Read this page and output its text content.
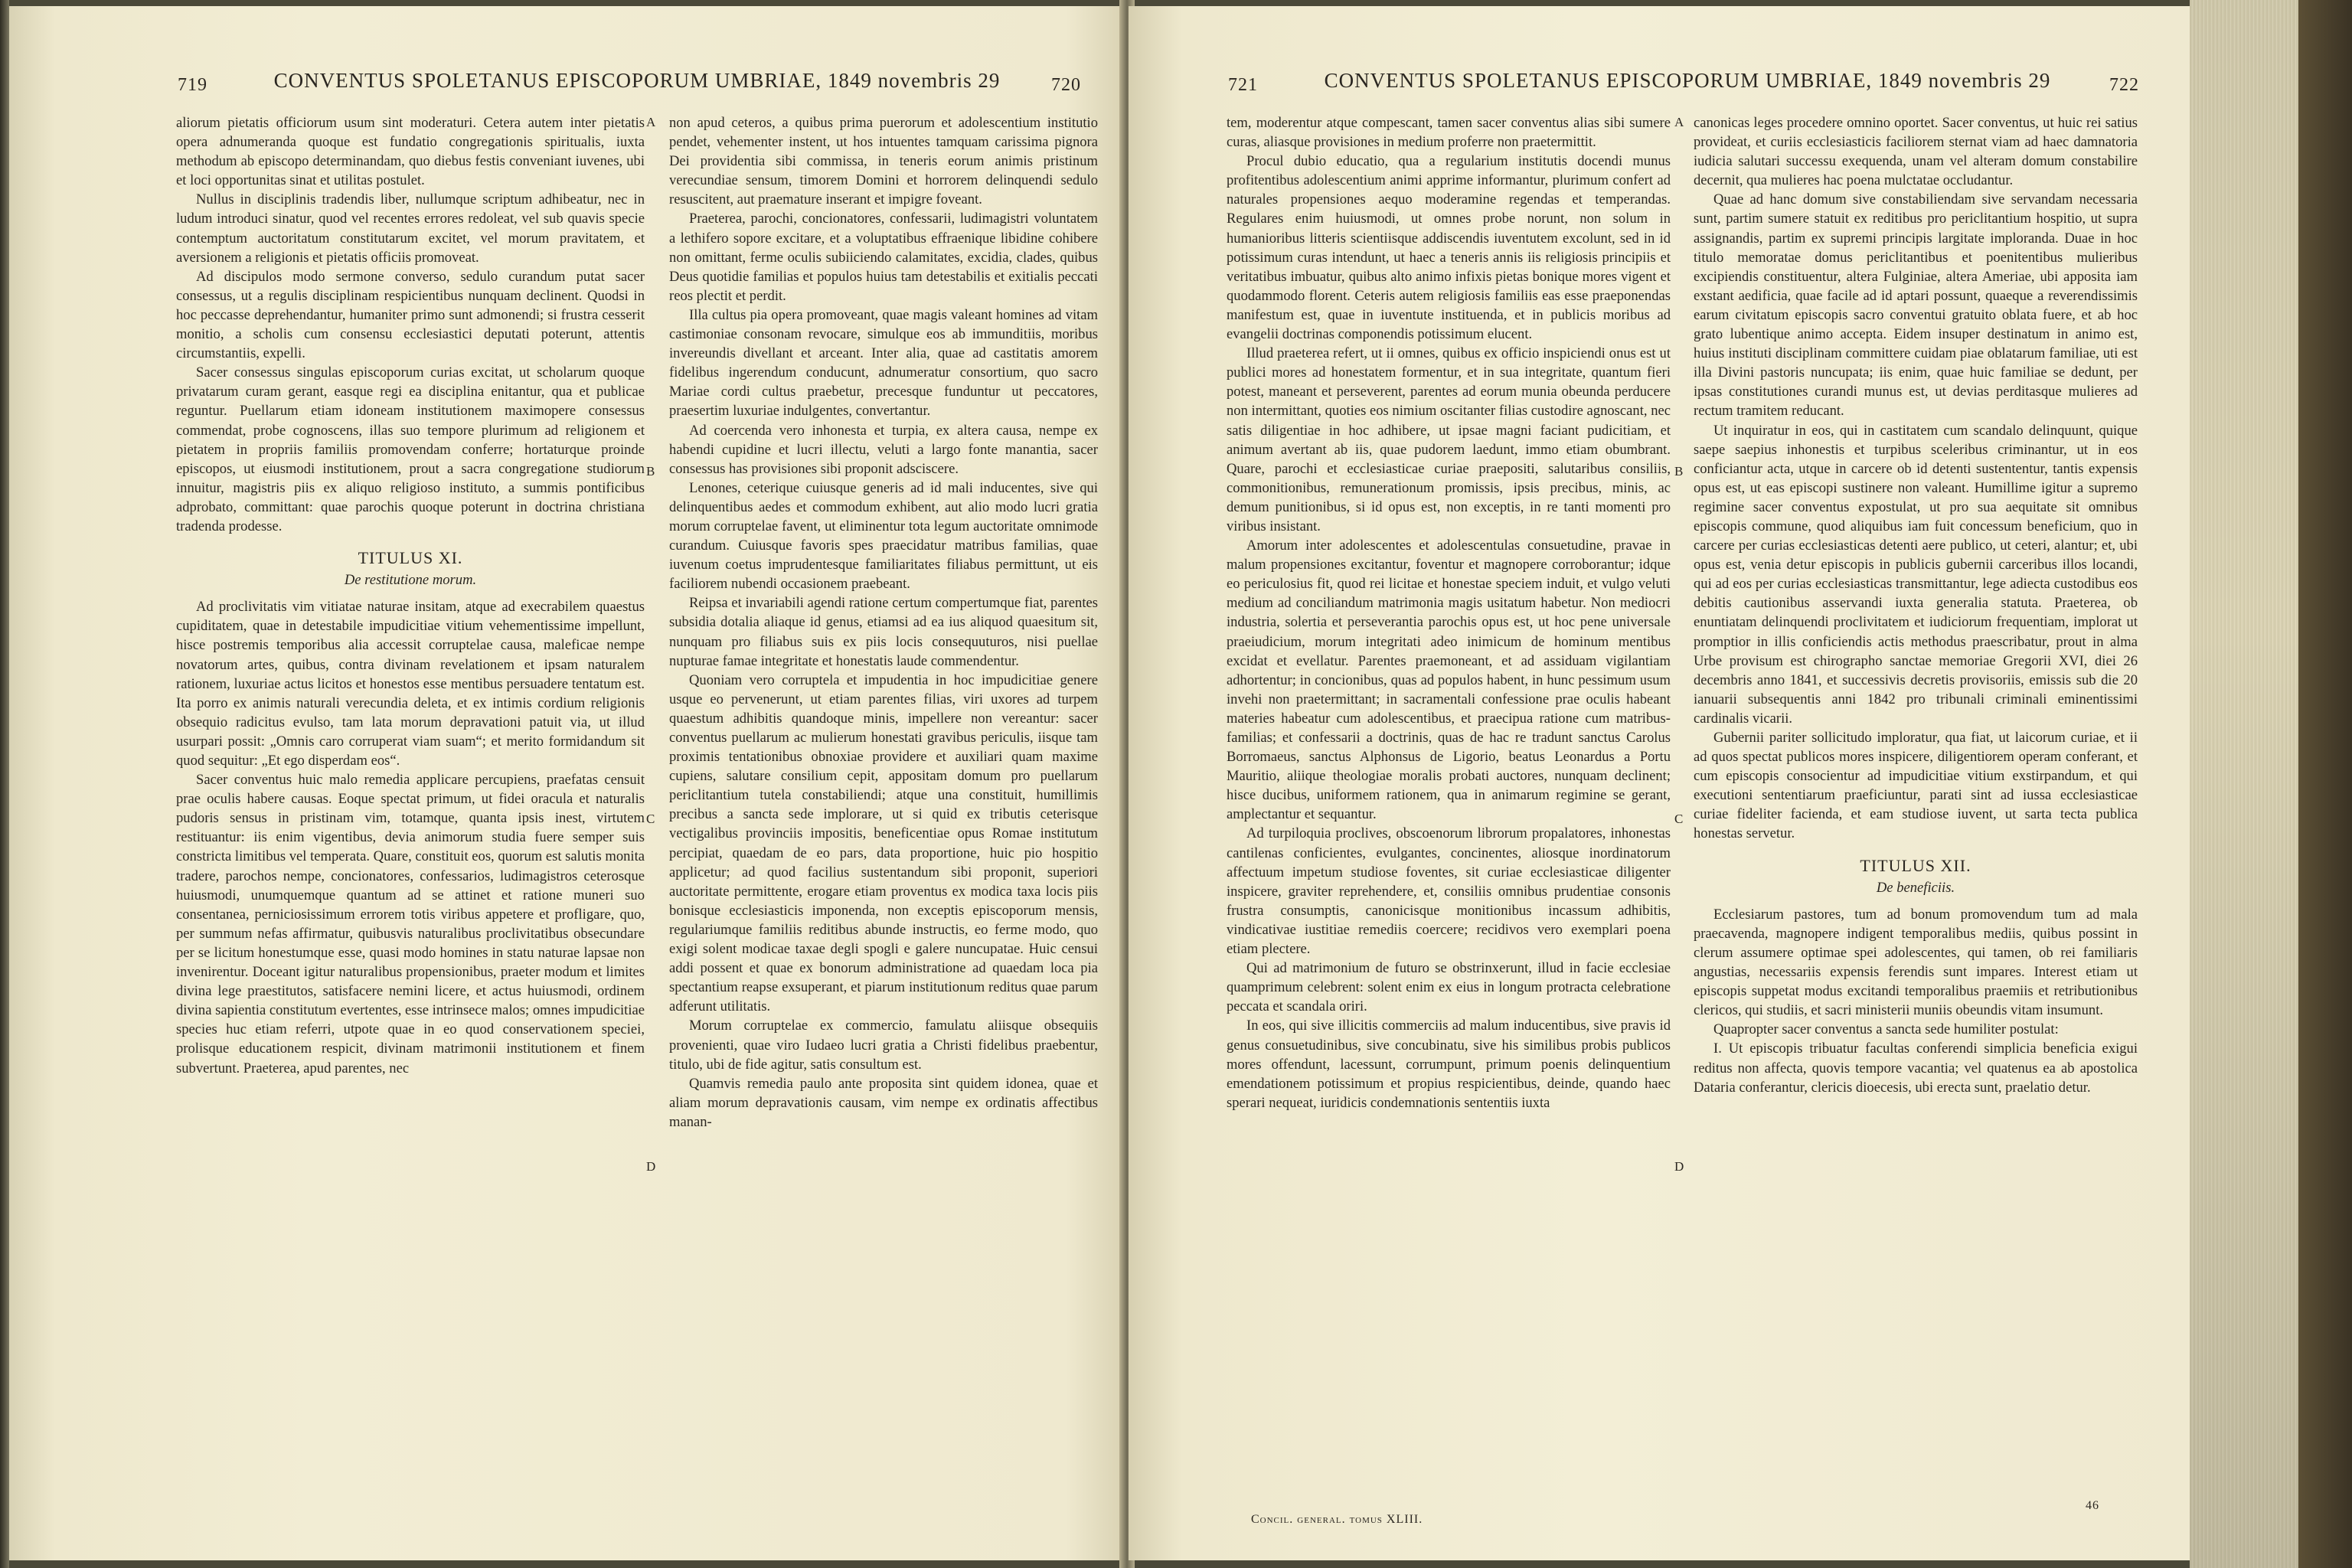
719	CONVENTUS SPOLETANUS EPISCOPORUM UMBRIAE, 1849 novembris 29	720

aliorum pietatis officiorum usum sint moderaturi. Cetera autem inter pietatis opera adnumeranda quoque est fundatio congregationis spiritualis, iuxta methodum ab episcopo determinandam, quo diebus festis conveniant iuvenes, ubi et loci opportunitas sinat et utilitas postulet.

Nullus in disciplinis tradendis liber, nullumque scriptum adhibeatur, nec in ludum introduci sinatur, quod vel recentes errores redoleat, vel sub quavis specie contemptum auctoritatum constitutarum excitet, vel morum pravitatem, et aversionem a religionis et pietatis officiis promoveat.

Ad discipulos modo sermone converso, sedulo curandum putat sacer consessus, ut a regulis disciplinam respicientibus nunquam declinent. Quodsi in hoc peccasse deprehendantur, humaniter primo sunt admonendi; si frustra cesserit monitio, a scholis cum consensu ecclesiastici deputati poterunt, attentis circumstantiis, expelli.

Sacer consessus singulas episcoporum curias excitat, ut scholarum quoque privatarum curam gerant, easque regi ea disciplina enitantur, qua et publicae reguntur. Puellarum etiam idoneam institutionem maximopere consessus commendat, probe cognoscens, illas suo tempore plurimum ad religionem et pietatem in propriis familiis promovendam conferre; hortaturque proinde episcopos, ut eiusmodi institutionem, prout a sacra congregatione studiorum innuitur, magistris piis ex aliquo religioso instituto, a summis pontificibus adprobato, committant: quae parochis quoque poterunt in doctrina christiana tradenda prodesse.

TITULUS XI.

De restitutione morum.

Ad proclivitatis vim vitiatae naturae insitam, atque ad execrabilem quaestus cupiditatem, quae in detestabile impudicitiae vitium vehementissime impellunt, hisce postremis temporibus alia accessit corruptelae causa, maleficae nempe novatorum artes, quibus, contra divinam revelationem et ipsam naturalem rationem, luxuriae actus licitos et honestos esse mentibus persuadere tentatum est. Ita porro ex animis naturali verecundia deleta, et ex intimis cordium religionis obsequio radicitus evulso, tam lata morum depravationi patuit via, ut illud usurpari possit: „Omnis caro corruperat viam suam“; et merito formidandum sit quod sequitur: „Et ego disperdam eos“.

Sacer conventus huic malo remedia applicare percupiens, praefatas censuit prae oculis habere causas. Eoque spectat primum, ut fidei oracula et naturalis pudoris sensus in pristinam vim, totamque, quanta ipsis inest, virtutem restituantur: iis enim vigentibus, devia animorum studia fuere semper suis constricta limitibus vel temperata. Quare, constituit eos, quorum est salutis monita tradere, parochos nempe, concionatores, confessarios, ludimagistros ceterosque huiusmodi, unumquemque quantum ad se attinet et ratione muneri suo consentanea, perniciosissimum errorem totis viribus appetere et profligare, quo, per summum nefas affirmatur, quibusvis naturalibus proclivitatibus obsecundare per se licitum honestumque esse, quasi modo homines in statu naturae lapsae non invenirentur. Doceant igitur naturalibus propensionibus, praeter modum et limites divina lege praestitutos, satisfacere nemini licere, et actus huiusmodi, ordinem divina sapientia constitutum evertentes, esse intrinsece malos; omnes impudicitiae species huc etiam referri, utpote quae in eo quod conservationem speciei, prolisque educationem respicit, divinam matrimonii institutionem et finem subvertunt. Praeterea, apud parentes, nec

non apud ceteros, a quibus prima puerorum et adolescentium institutio pendet, vehementer instent, ut hos intuentes tamquam carissima pignora Dei providentia sibi commissa, in teneris eorum animis pristinum verecundiae sensum, timorem Domini et horrorem delinquendi sedulo resuscitent, aut praemature inserant et impigre foveant.

Praeterea, parochi, concionatores, confessarii, ludimagistri voluntatem a lethifero sopore excitare, et a voluptatibus effraenique libidine cohibere non omittant, ferme oculis subiiciendo calamitates, excidia, clades, quibus Deus quotidie familias et populos huius tam detestabilis et exitialis peccati reos plectit et perdit.

Illa cultus pia opera promoveant, quae magis valeant homines ad vitam castimoniae consonam revocare, simulque eos ab immunditiis, moribus invereundis divellant et arceant. Inter alia, quae ad castitatis amorem fidelibus ingerendum conducunt, adnumeratur consortium, quo sacro Mariae cordi cultus praebetur, precesque funduntur ut peccatores, praesertim luxuriae indulgentes, convertantur.

Ad coercenda vero inhonesta et turpia, ex altera causa, nempe ex habendi cupidine et lucri illectu, veluti a largo fonte manantia, sacer consessus has provisiones sibi proponit adsciscere.

Lenones, ceterique cuiusque generis ad id mali inducentes, sive qui delinquentibus aedes et commodum exhibent, aut alio modo lucri gratia morum corruptelae favent, ut eliminentur tota legum auctoritate omnimode curandum. Cuiusque favoris spes praecidatur matribus familias, quae iuvenum coetus imprudentesque familiaritates filiabus permittunt, ut eis faciliorem nubendi occasionem praebeant.

Reipsa et invariabili agendi ratione certum compertumque fiat, parentes subsidia dotalia aliaque id genus, etiamsi ad ea ius aliquod quaesitum sit, nunquam pro filiabus suis ex piis locis consequuturos, nisi puellae nupturae famae integritate et honestatis laude commendentur.

Quoniam vero corruptela et impudentia in hoc impudicitiae genere usque eo pervenerunt, ut etiam parentes filias, viri uxores ad turpem quaestum adhibitis quandoque minis, impellere non vereantur: sacer conventus puellarum ac mulierum honestati gravibus periculis, iisque tam proximis tentationibus obnoxiae providere et auxiliari quam maxime cupiens, salutare consilium cepit, appositam domum pro puellarum periclitantium tutela constabiliendi; atque una constituit, humillimis precibus a sancta sede implorare, ut si quid ex tributis ceterisque vectigalibus provinciis impositis, beneficentiae opus Romae institutum percipiat, quaedam de eo pars, data proportione, huic pio hospitio applicetur; ad quod facilius sustentandum sibi proponit, superiori auctoritate permittente, erogare etiam proventus ex modica taxa locis piis bonisque ecclesiasticis imponenda, non exceptis episcoporum mensis, regulariumque familiis reditibus abunde instructis, eo ferme modo, quo exigi solent modicae taxae degli spogli e galere nuncupatae. Huic censui addi possent et quae ex bonorum administratione ad quaedam loca pia spectantium reapse exsuperant, et piarum institutionum reditus quae parum adferunt utilitatis.

Morum corruptelae ex commercio, famulatu aliisque obsequiis provenienti, quae viro Iudaeo lucri gratia a Christi fidelibus praebentur, titulo, ubi de fide agitur, satis consultum est.

Quamvis remedia paulo ante proposita sint quidem idonea, quae et aliam morum depravationis causam, vim nempe ex ordinatis affectibus manan-

A
B
C
D
721	CONVENTUS SPOLETANUS EPISCOPORUM UMBRIAE, 1849 novembris 29	722

tem, moderentur atque compescant, tamen sacer conventus alias sibi sumere curas, aliasque provisiones in medium proferre non praetermittit.

Procul dubio educatio, qua a regularium institutis docendi munus profitentibus adolescentium animi apprime informantur, plurimum confert ad naturales propensiones aequo moderamine regendas et temperandas. Regulares enim huiusmodi, ut omnes probe norunt, non solum in humanioribus litteris scientiisque addiscendis iuventutem excolunt, sed in id potissimum curas intendunt, ut haec a teneris annis iis religiosis principiis et veritatibus imbuatur, quibus alto animo infixis pietas bonique mores vigent et quodammodo florent. Ceteris autem religiosis familiis eas esse praeponendas manifestum est, quae in iuventute instituenda, et in publicis moribus ad evangelii doctrinas componendis potissimum elucent.

Illud praeterea refert, ut ii omnes, quibus ex officio inspiciendi onus est ut publici mores ad honestatem formentur, et in sua integritate, quantum fieri potest, maneant et perseverent, parentes ad eorum munia obeunda perducere non intermittant, quoties eos nimium oscitanter filias custodire agnoscant, nec satis diligentiae in hoc adhibere, ut ipsae magni faciant pudicitiam, et animum avertant ab iis, quae pudorem laedunt, immo etiam obumbrant. Quare, parochi et ecclesiasticae curiae praepositi, salutaribus consiliis, commonitionibus, remunerationum promissis, ipsis precibus, minis, ac demum punitionibus, si id opus est, non exceptis, in re tanti momenti pro viribus insistant.

Amorum inter adolescentes et adolescentulas consuetudine, pravae in malum propensiones excitantur, foventur et magnopere corroborantur; idque eo periculosius fit, quod rei licitae et honestae speciem induit, et vulgo veluti medium ad conciliandum matrimonia magis usitatum habetur. Non mediocri industria, solertia et perseverantia parochis opus est, ut hoc pene universale praeiudicium, morum integritati adeo inimicum de hominum mentibus excidat et evellatur. Parentes praemoneant, et ad assiduam vigilantiam adhortentur; in concionibus, quas ad populos habent, in hunc pessimum usum invehi non praetermittant; in sacramentali confessione prae oculis habeant materies habeatur cum adolescentibus, et praecipua ratione cum matribus-familias; et confessarii a doctrinis, quas de hac re tradunt sanctus Carolus Borromaeus, sanctus Alphonsus de Ligorio, beatus Leonardus a Portu Mauritio, aliique theologiae moralis probati auctores, nunquam declinent; hisce ducibus, uniformem rationem, qua in animarum regimine se gerant, amplectantur et sequantur.

Ad turpiloquia proclives, obscoenorum librorum propalatores, inhonestas cantilenas conficientes, evulgantes, concinentes, aliosque inordinatorum affectuum impetum studiose foventes, sit curiae ecclesiasticae diligenter inspicere, graviter reprehendere, et, consiliis omnibus prudentiae consonis frustra consumptis, canonicisque monitionibus incassum adhibitis, vindicativae iustitiae remediis coercere; recidivos vero exemplari poena etiam plectere.

Qui ad matrimonium de futuro se obstrinxerunt, illud in facie ecclesiae quamprimum celebrent: solent enim ex eius in longum protracta celebratione peccata et scandala oriri.

In eos, qui sive illicitis commerciis ad malum inducentibus, sive pravis id genus consuetudinibus, sive concubinatu, sive his similibus probis publicos mores offendunt, lacessunt, corrumpunt, primum poenis delinquentium emendationem potissimum et propius respicientibus, deinde, quando haec sperari nequeat, iuridicis condemnationis sententiis iuxta

canonicas leges procedere omnino oportet. Sacer conventus, ut huic rei satius provideat, et curiis ecclesiasticis faciliorem sternat viam ad haec damnatoria iudicia salutari successu exequenda, unam vel alteram domum constabilire decernit, qua mulieres hac poena mulctatae occludantur.

Quae ad hanc domum sive constabiliendam sive servandam necessaria sunt, partim sumere statuit ex reditibus pro periclitantium hospitio, ut supra assignandis, partim ex supremi principis largitate imploranda. Duae in hoc titulo memoratae domus periclitantibus et poenitentibus mulieribus excipiendis constituentur, altera Fulginiae, altera Ameriae, ubi apposita iam exstant aedificia, quae facile ad id aptari possunt, quaeque a reverendissimis earum civitatum episcopis sacro conventui gratuito oblata fuere, et ab hoc grato lubentique animo accepta. Eidem insuper destinatum in animo est, huius instituti disciplinam committere cuidam piae oblatarum familiae, uti est illa Divini pastoris nuncupata; iis enim, quae huic familiae se dedunt, per ipsas constitutiones curandi munus est, ut devias perditasque mulieres ad rectum tramitem reducant.

Ut inquiratur in eos, qui in castitatem cum scandalo delinquunt, quique saepe saepius inhonestis et turpibus sceleribus criminantur, ut in eos conficiantur acta, utque in carcere ob id detenti sustententur, tantis expensis opus est, ut eas episcopi sustinere non valeant. Humillime igitur a supremo regimine sacer conventus expostulat, ut pro sua aequitate sit omnibus episcopis commune, quod aliquibus iam fuit concessum beneficium, quo in carcere per curias ecclesiasticas detenti aere publico, ut ceteri, alantur; et, ubi opus est, venia detur episcopis in publicis gubernii carceribus illos locandi, qui ad eos per curias ecclesiasticas transmittantur, lege adiecta custodibus eos debitis cautionibus asservandi iuxta generalia statuta. Praeterea, ob enuntiatam delinquendi proclivitatem et iudiciorum frequentiam, implorat ut promptior in illis conficiendis actis methodus praescribatur, prout in alma Urbe provisum est chirographo sanctae memoriae Gregorii XVI, diei 26 decembris anno 1841, et successivis decretis provisoriis, emissis sub die 20 ianuarii subsequentis anni 1842 pro tribunali criminali eminentissimi cardinalis vicarii.

Gubernii pariter sollicitudo imploratur, qua fiat, ut laicorum curiae, et ii ad quos spectat publicos mores inspicere, diligentiorem operam conferant, et cum episcopis consocientur ad impudicitiae vitium exstirpandum, et qui executioni sententiarum praeficiuntur, parati sint ad iussa ecclesiasticae curiae fideliter facienda, et eam studiose iuvent, ut sarta tecta publica honestas servetur.

TITULUS XII.

De beneficiis.

Ecclesiarum pastores, tum ad bonum promovendum tum ad mala praecavenda, magnopere indigent temporalibus mediis, quibus possint in clerum assumere optimae spei adolescentes, qui tamen, ob rei familiaris angustias, necessariis expensis ferendis sunt impares. Interest etiam ut episcopis suppetat modus excitandi temporalibus praemiis et retributionibus clericos, qui studiis, et sacri ministerii muniis obeundis vitam insumunt.

Quapropter sacer conventus a sancta sede humiliter postulat:

I. Ut episcopis tribuatur facultas conferendi simplicia beneficia exigui reditus non affecta, quovis tempore vacantia; vel quatenus ea ab apostolica Dataria conferantur, clericis dioecesis, ubi erecta sunt, praelatio detur.

A
B
C
D
Concil. general. tomus XLIII.
46
